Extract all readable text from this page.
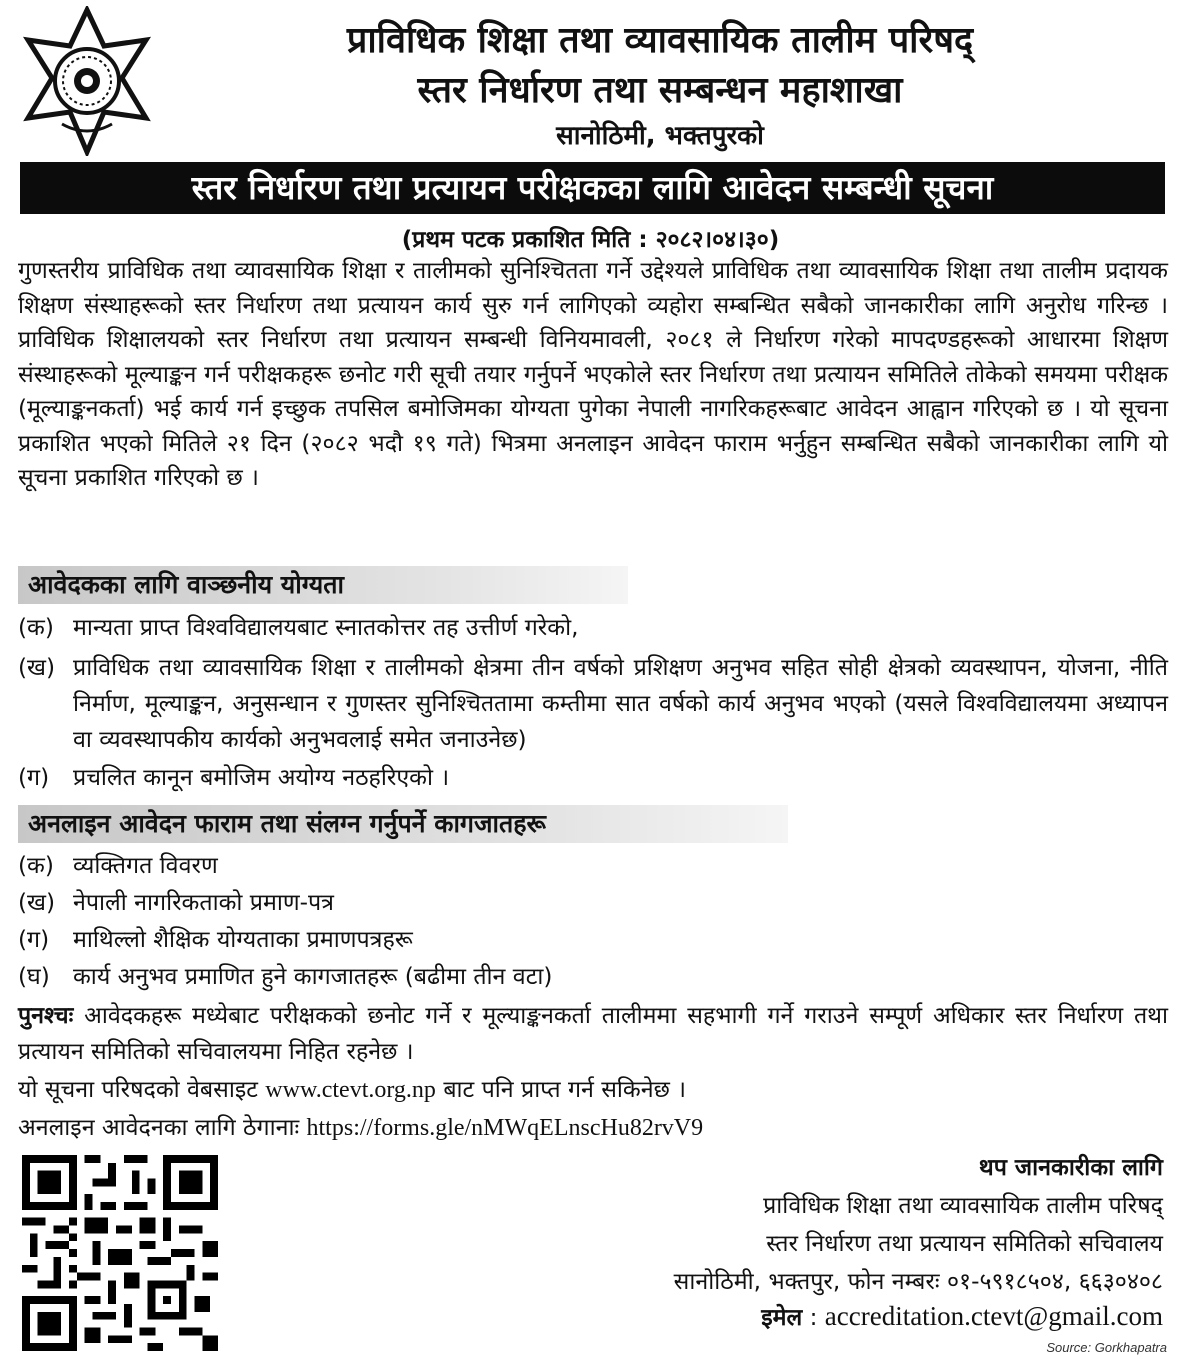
प्राविधिक शिक्षा तथा व्यावसायिक तालीम परिषद्
स्तर निर्धारण तथा सम्बन्धन महाशाखा
सानोठिमी, भक्तपुरको
स्तर निर्धारण तथा प्रत्यायन परीक्षकका लागि आवेदन सम्बन्धी सूचना
(प्रथम पटक प्रकाशित मिति : २०८२।०४।३०)
गुणस्तरीय प्राविधिक तथा व्यावसायिक शिक्षा र तालीमको सुनिश्चितता गर्ने उद्देश्यले प्राविधिक तथा व्यावसायिक शिक्षा तथा तालीम प्रदायक शिक्षण संस्थाहरूको स्तर निर्धारण तथा प्रत्यायन कार्य सुरु गर्न लागिएको व्यहोरा सम्बन्धित सबैको जानकारीका लागि अनुरोध गरिन्छ । प्राविधिक शिक्षालयको स्तर निर्धारण तथा प्रत्यायन सम्बन्धी विनियमावली, २०८१ ले निर्धारण गरेको मापदण्डहरूको आधारमा शिक्षण संस्थाहरूको मूल्याङ्कन गर्न परीक्षकहरू छनोट गरी सूची तयार गर्नुपर्ने भएकोले स्तर निर्धारण तथा प्रत्यायन समितिले तोकेको समयमा परीक्षक (मूल्याङ्कनकर्ता) भई कार्य गर्न इच्छुक तपसिल बमोजिमका योग्यता पुगेका नेपाली नागरिकहरूबाट आवेदन आह्वान गरिएको छ । यो सूचना प्रकाशित भएको मितिले २१ दिन (२०८२ भदौ १९ गते) भित्रमा अनलाइन आवेदन फाराम भर्नुहुन सम्बन्धित सबैको जानकारीका लागि यो सूचना प्रकाशित गरिएको छ ।
आवेदकका लागि वाञ्छनीय योग्यता
(क) मान्यता प्राप्त विश्वविद्यालयबाट स्नातकोत्तर तह उत्तीर्ण गरेको,
(ख) प्राविधिक तथा व्यावसायिक शिक्षा र तालीमको क्षेत्रमा तीन वर्षको प्रशिक्षण अनुभव सहित सोही क्षेत्रको व्यवस्थापन, योजना, नीति निर्माण, मूल्याङ्कन, अनुसन्धान र गुणस्तर सुनिश्चिततामा कम्तीमा सात वर्षको कार्य अनुभव भएको (यसले विश्वविद्यालयमा अध्यापन वा व्यवस्थापकीय कार्यको अनुभवलाई समेत जनाउनेछ)
(ग)	प्रचलित कानून बमोजिम अयोग्य नठहरिएको ।
अनलाइन आवेदन फाराम तथा संलग्न गर्नुपर्ने कागजातहरू
(क) व्यक्तिगत विवरण
(ख) नेपाली नागरिकताको प्रमाण-पत्र
(ग)	माथिल्लो शैक्षिक योग्यताका प्रमाणपत्रहरू
(घ)	कार्य अनुभव प्रमाणित हुने कागजातहरू (बढीमा तीन वटा)
पुनश्चः आवेदकहरू मध्येबाट परीक्षकको छनोट गर्ने र मूल्याङ्कनकर्ता तालीममा सहभागी गर्ने गराउने सम्पूर्ण अधिकार स्तर निर्धारण तथा प्रत्यायन समितिको सचिवालयमा निहित रहनेछ ।
यो सूचना परिषदको वेबसाइट www.ctevt.org.np बाट पनि प्राप्त गर्न सकिनेछ ।
अनलाइन आवेदनका लागि ठेगानाः https://forms.gle/nMWqELnscHu82rvV9
थप जानकारीका लागि
प्राविधिक शिक्षा तथा व्यावसायिक तालीम परिषद्
स्तर निर्धारण तथा प्रत्यायन समितिको सचिवालय
सानोठिमी, भक्तपुर, फोन नम्बरः ०१-५९१८५०४, ६६३०४०८
इमेल : accreditation.ctevt@gmail.com
Source: Gorkhapatra
